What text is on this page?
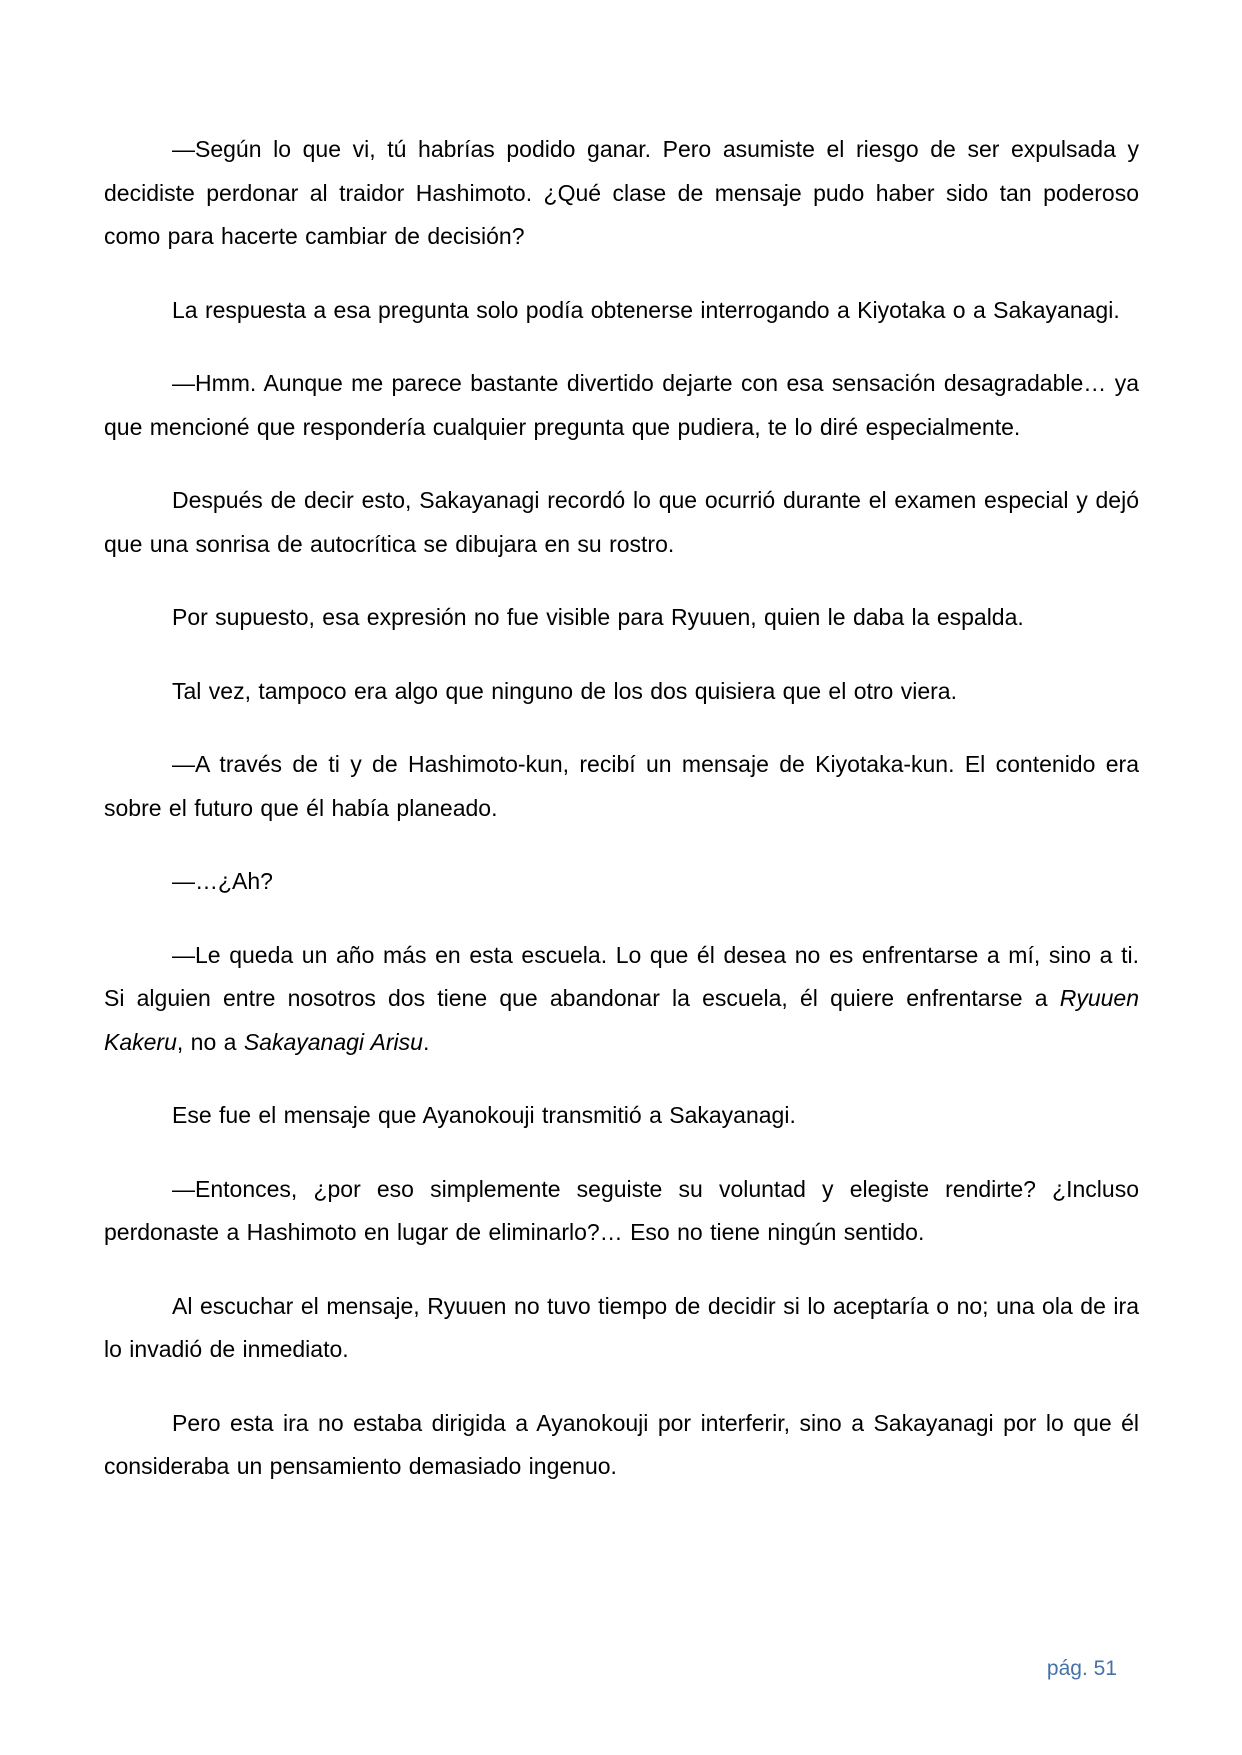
—Según lo que vi, tú habrías podido ganar. Pero asumiste el riesgo de ser expulsada y decidiste perdonar al traidor Hashimoto. ¿Qué clase de mensaje pudo haber sido tan poderoso como para hacerte cambiar de decisión?

La respuesta a esa pregunta solo podía obtenerse interrogando a Kiyotaka o a Sakayanagi.

—Hmm. Aunque me parece bastante divertido dejarte con esa sensación desagradable… ya que mencioné que respondería cualquier pregunta que pudiera, te lo diré especialmente.

Después de decir esto, Sakayanagi recordó lo que ocurrió durante el examen especial y dejó que una sonrisa de autocrítica se dibujara en su rostro.

Por supuesto, esa expresión no fue visible para Ryuuen, quien le daba la espalda.

Tal vez, tampoco era algo que ninguno de los dos quisiera que el otro viera.

—A través de ti y de Hashimoto-kun, recibí un mensaje de Kiyotaka-kun. El contenido era sobre el futuro que él había planeado.

—…¿Ah?

—Le queda un año más en esta escuela. Lo que él desea no es enfrentarse a mí, sino a ti. Si alguien entre nosotros dos tiene que abandonar la escuela, él quiere enfrentarse a Ryuuen Kakeru, no a Sakayanagi Arisu.

Ese fue el mensaje que Ayanokouji transmitió a Sakayanagi.

—Entonces, ¿por eso simplemente seguiste su voluntad y elegiste rendirte? ¿Incluso perdonaste a Hashimoto en lugar de eliminarlo?… Eso no tiene ningún sentido.

Al escuchar el mensaje, Ryuuen no tuvo tiempo de decidir si lo aceptaría o no; una ola de ira lo invadió de inmediato.

Pero esta ira no estaba dirigida a Ayanokouji por interferir, sino a Sakayanagi por lo que él consideraba un pensamiento demasiado ingenuo.

pág. 51
